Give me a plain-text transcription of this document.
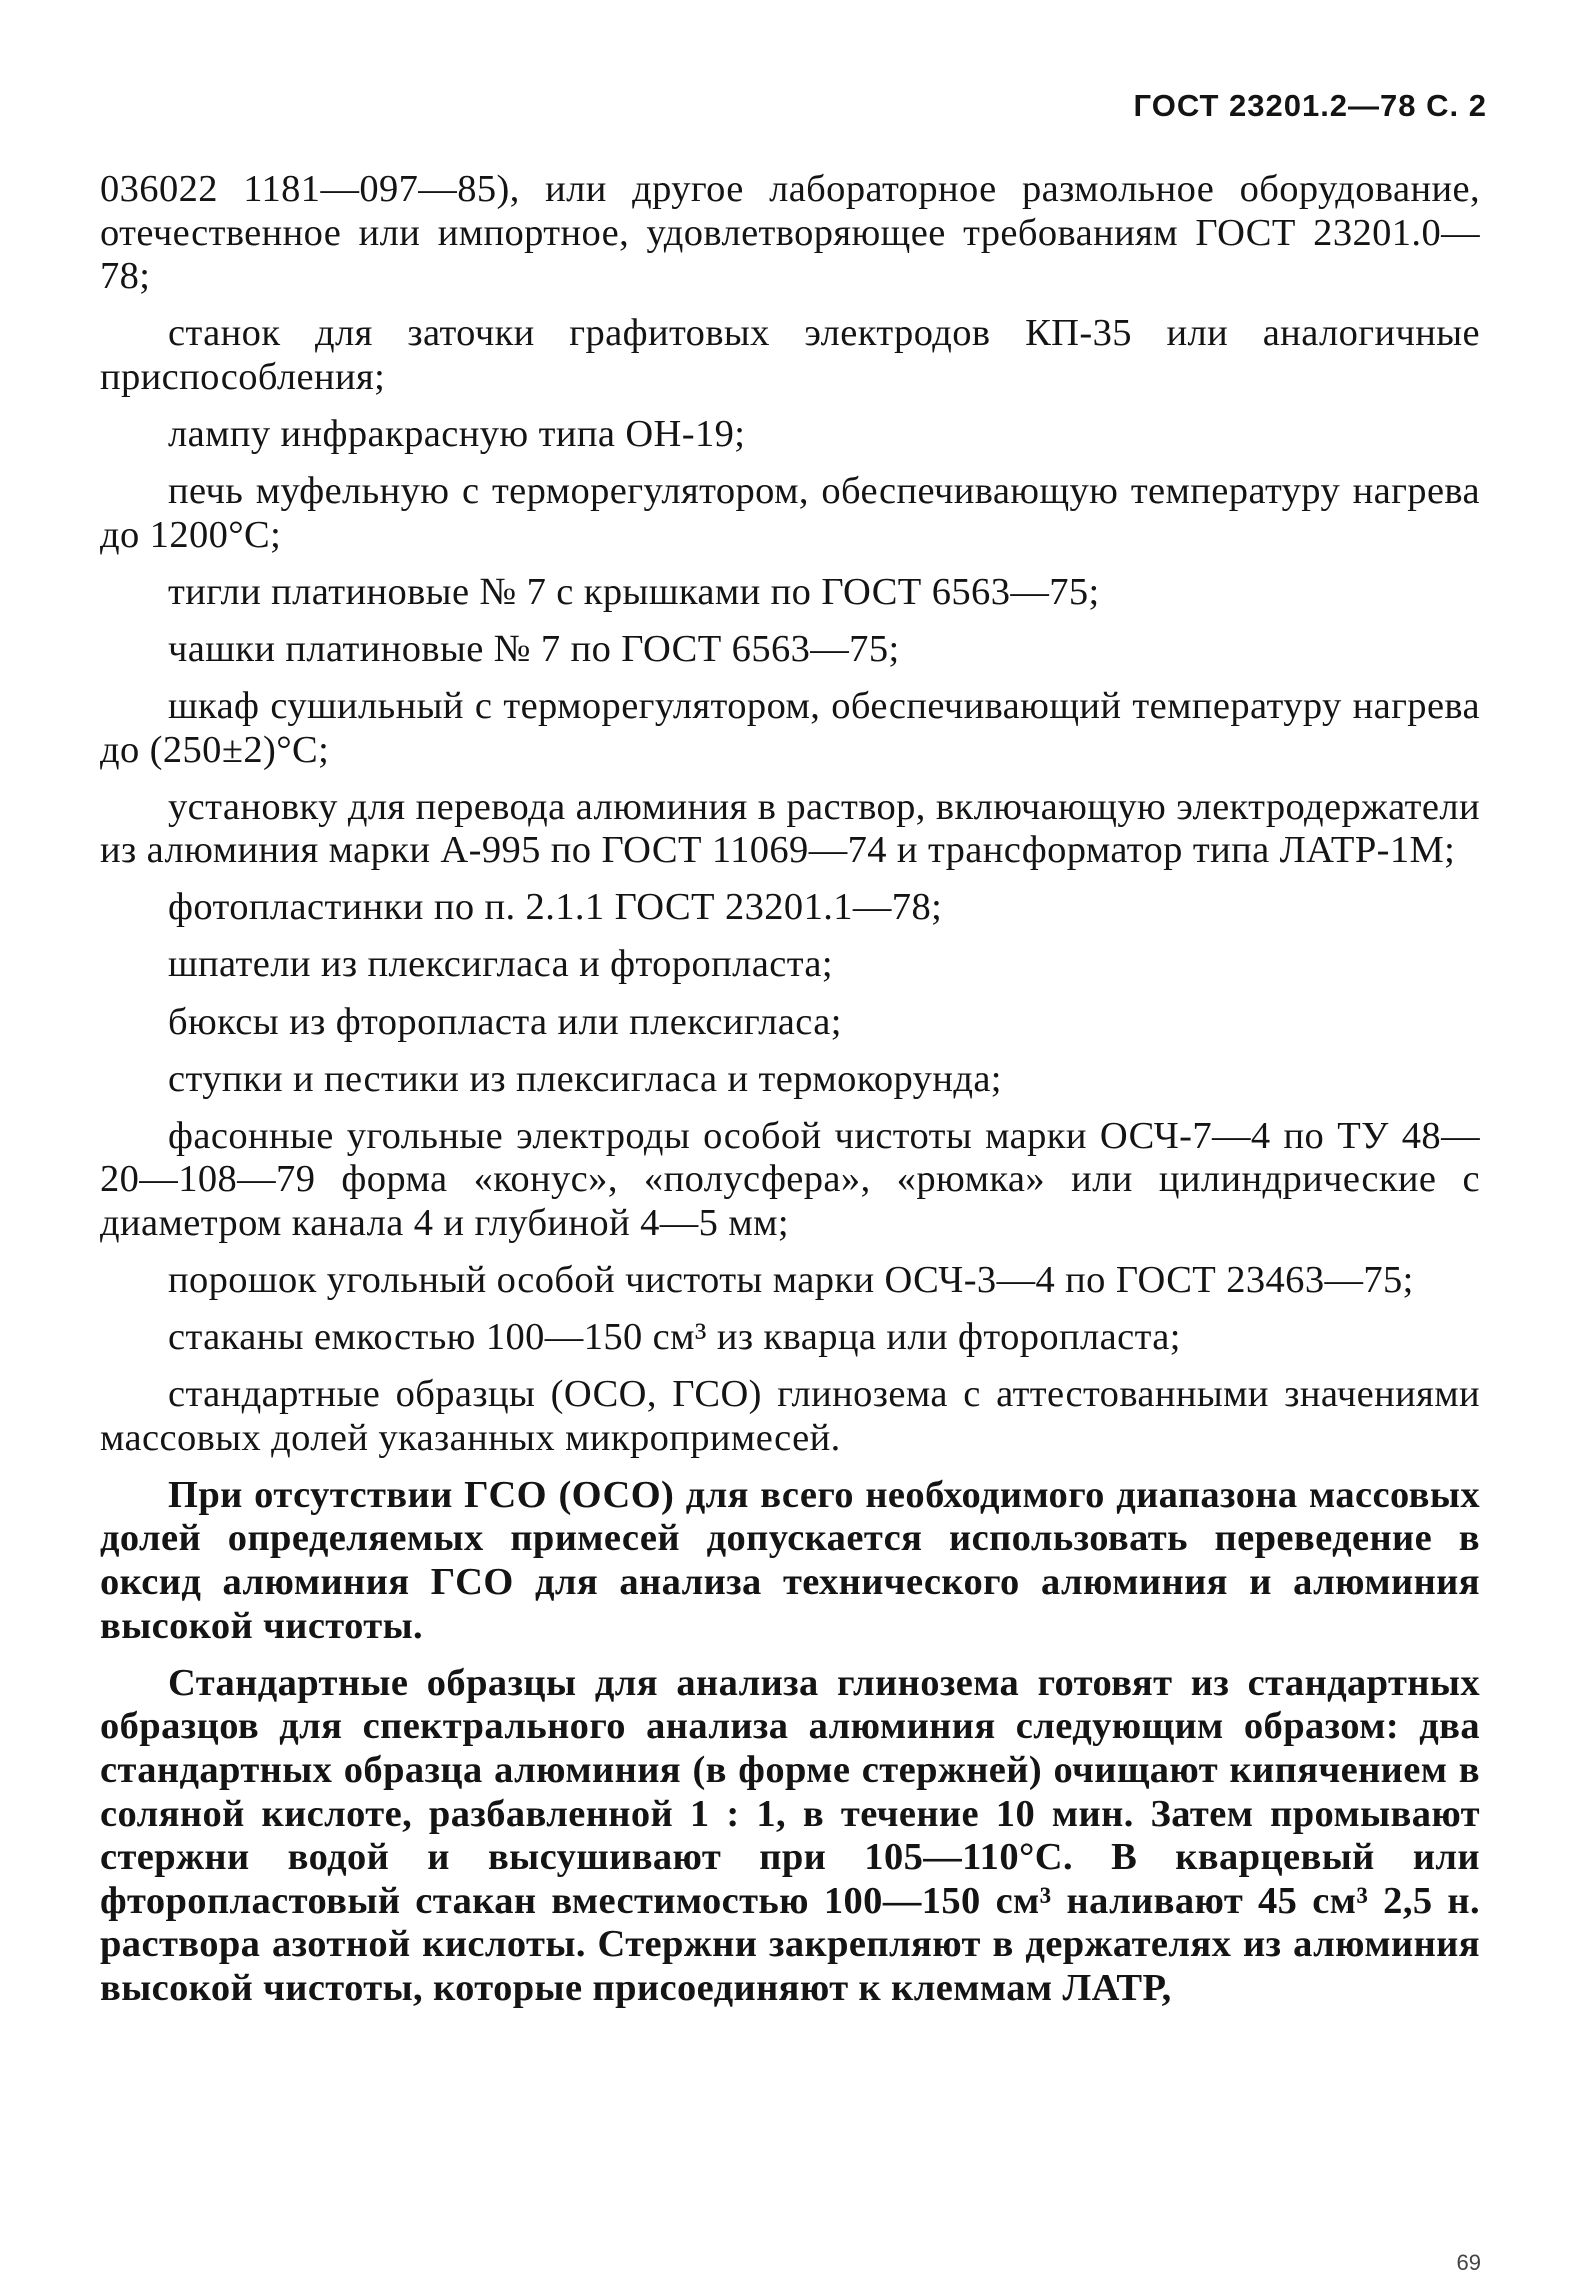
ГОСТ 23201.2—78 С. 2

036022 1181—097—85), или другое лабораторное размольное оборудование, отечественное или импортное, удовлетворяющее требованиям ГОСТ 23201.0—78;

станок для заточки графитовых электродов КП-35 или аналогичные приспособления;

лампу инфракрасную типа ОН-19;

печь муфельную с терморегулятором, обеспечивающую температуру нагрева до 1200°С;

тигли платиновые № 7 с крышками по ГОСТ 6563—75;

чашки платиновые № 7 по ГОСТ 6563—75;

шкаф сушильный с терморегулятором, обеспечивающий температуру нагрева до (250±2)°С;

установку для перевода алюминия в раствор, включающую электродержатели из алюминия марки А-995 по ГОСТ 11069—74 и трансформатор типа ЛАТР-1М;

фотопластинки по п. 2.1.1 ГОСТ 23201.1—78;

шпатели из плексигласа и фторопласта;

бюксы из фторопласта или плексигласа;

ступки и пестики из плексигласа и термокорунда;

фасонные угольные электроды особой чистоты марки ОСЧ-7—4 по ТУ 48—20—108—79 форма «конус», «полусфера», «рюмка» или цилиндрические с диаметром канала 4 и глубиной 4—5 мм;

порошок угольный особой чистоты марки ОСЧ-3—4 по ГОСТ 23463—75;

стаканы емкостью 100—150 см³ из кварца или фторопласта;

стандартные образцы (ОСО, ГСО) глинозема с аттестованными значениями массовых долей указанных микропримесей.

При отсутствии ГСО (ОСО) для всего необходимого диапазона массовых долей определяемых примесей допускается использовать переведение в оксид алюминия ГСО для анализа технического алюминия и алюминия высокой чистоты.

Стандартные образцы для анализа глинозема готовят из стандартных образцов для спектрального анализа алюминия следующим образом: два стандартных образца алюминия (в форме стержней) очищают кипячением в соляной кислоте, разбавленной 1 : 1, в течение 10 мин. Затем промывают стержни водой и высушивают при 105—110°С. В кварцевый или фторопластовый стакан вместимостью 100—150 см³ наливают 45 см³ 2,5 н. раствора азотной кислоты. Стержни закрепляют в держателях из алюминия высокой чистоты, которые присоединяют к клеммам ЛАТР,

69
